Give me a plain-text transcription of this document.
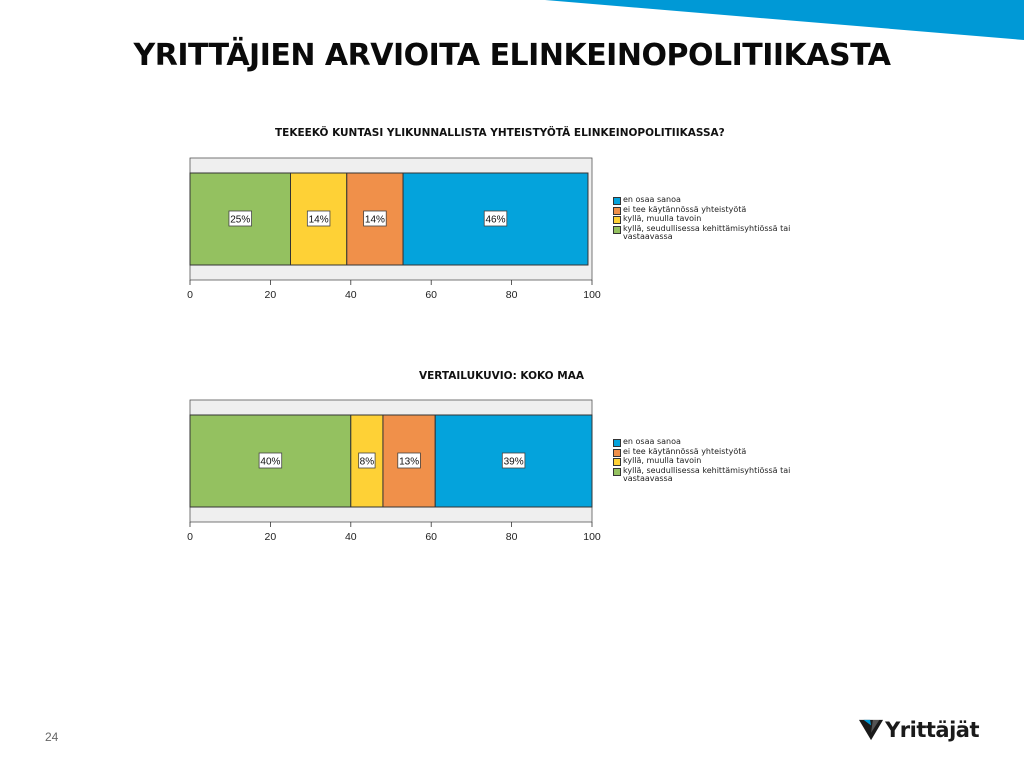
YRITTÄJIEN ARVIOITA ELINKEINOPOLITIIKASTA
TEKEEKÖ KUNTASI YLIKUNNALLISTA YHTEISTYÖTÄ ELINKEINOPOLITIIKASSA?
25%	14%	14%	46%
0	20	40	60	80	100
en osaa sanoa
ei tee käytännössä yhteistyötä
kyllä, muulla tavoin
kyllä, seudullisessa kehittämisyhtiössä tai vastaavassa
VERTAILUKUVIO: KOKO MAA
40%	8% 13%	39%
0	20	40	60	80	100
en osaa sanoa
ei tee käytännössä yhteistyötä
kyllä, muulla tavoin
kyllä, seudullisessa kehittämisyhtiössä tai vastaavassa
24	Yrittäjät
